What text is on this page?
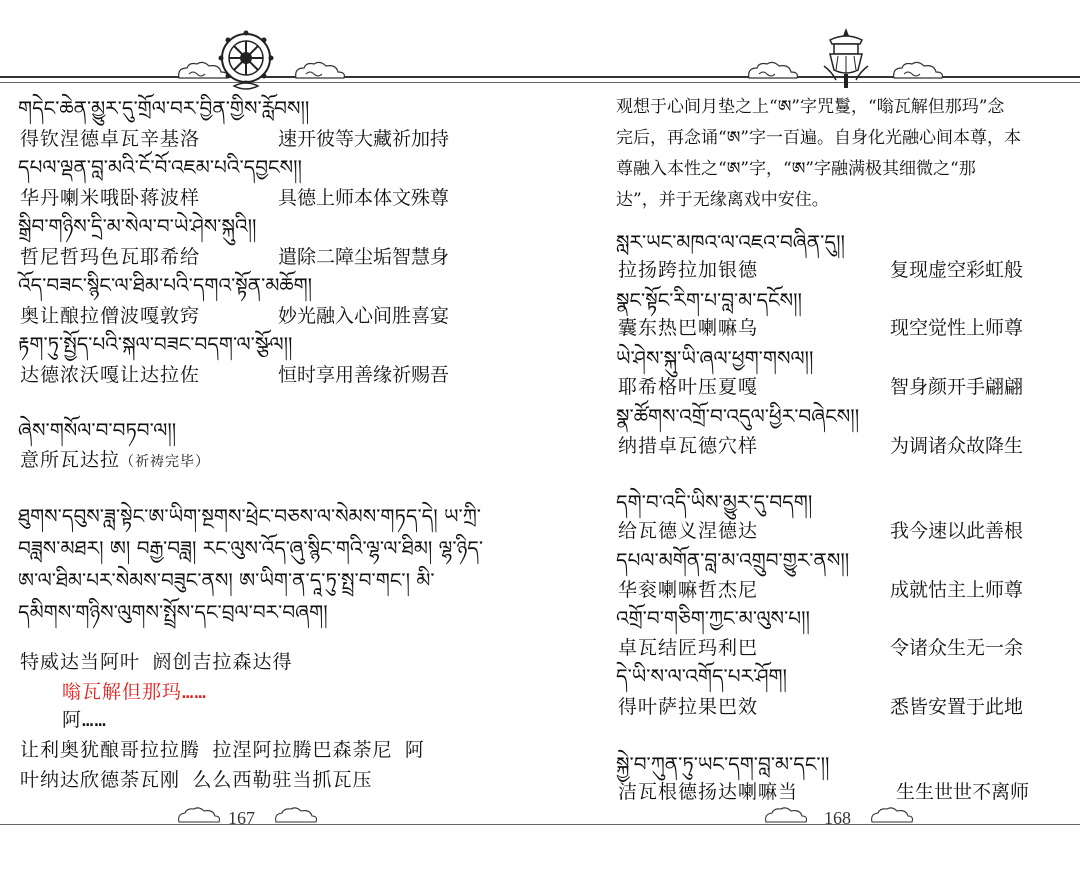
གདེང་ཆེན་མྱུར་དུ་གྲོལ་བར་བྱིན་གྱིས་རློབས།།
得钦涅德卓瓦辛基洛	速开彼等大藏祈加持
དཔལ་ལྡན་བླ་མའི་ངོ་བོ་འཇམ་པའི་དབྱངས།།
华丹喇米哦卧蒋波样	具德上师本体文殊尊
སྒྲིབ་གཉིས་དྲི་མ་སེལ་བ་ཡེ་ཤེས་སྐུའི།།
哲尼哲玛色瓦耶希给	遣除二障尘垢智慧身
འོད་བཟང་སྙིང་ལ་ཐིམ་པའི་དགའ་སྟོན་མཆོག།
奥让酿拉僧波嘎敦窍	妙光融入心间胜喜宴
རྟག་ཏུ་སྤྱོད་པའི་སྐལ་བཟང་བདག་ལ་སྩོལ།།
达德浓沃嘎让达拉佐	恒时享用善缘祈赐吾
ཞེས་གསོལ་བ་བཏབ་ལ།།
意所瓦达拉（祈祷完毕）
ཐུགས་དབུས་ཟླ་སྟེང་ཨ་ཡིག་སྔགས་ཕྲེང་བཅས་ལ་སེམས་གཏད་དེ། ཡ་ཀྲི་
བཟླས་མཐར། ཨ། བརྒྱ་བཟླ། རང་ལུས་འོད་ཞུ་སྙིང་གའི་ལྷ་ལ་ཐིམ། ལྷ་ཉིད་
ཨ་ལ་ཐིམ་པར་སེམས་བཟུང་ནས། ཨ་ཡིག་ན་དཱ་ཏུ་སྤྲ་བ་གང་། མི་
དམིགས་གཉིས་ལུགས་སྤྲོས་དང་བྲལ་བར་བཞག།
特威达当阿叶 阏创吉拉森达得
嗡瓦解但那玛……
阿……
让利奥犹酿哥拉拉腾 拉涅阿拉腾巴森荼尼 阿
叶纳达欣德荼瓦刚 么么西勒驻当抓瓦压
167
观想于心间月垫之上“ཨ”字咒鬘，“嗡瓦解但那玛”念
完后，再念诵“ཨ”字一百遍。自身化光融心间本尊，本
尊融入本性之“ཨ”字，“ཨ”字融满极其细微之“那
达”，并于无缘离戏中安住。
སླར་ཡང་མཁའ་ལ་འཇའ་བཞིན་དུ།།
拉扬跨拉加银德	复现虚空彩虹般
སྣང་སྟོང་རིག་པ་བླ་མ་དངོས།།
囊东热巴喇嘛乌	现空觉性上师尊
ཡེ་ཤེས་སྐུ་ཡི་ཞལ་ཕྱག་གསལ།།
耶希格叶压夏嘎	智身颜开手翩翩
སྣ་ཚོགས་འགྲོ་བ་འདུལ་ཕྱིར་བཞེངས།།
纳措卓瓦德穴样	为调诸众故降生
དགེ་བ་འདི་ཡིས་མྱུར་དུ་བདག།
给瓦德义涅德达	我今速以此善根
དཔལ་མགོན་བླ་མ་འགྲུབ་གྱུར་ནས།།
华衮喇嘛哲杰尼	成就怙主上师尊
འགྲོ་བ་གཅིག་ཀྱང་མ་ལུས་པ།།
卓瓦结匠玛利巴	令诸众生无一余
དེ་ཡི་ས་ལ་འགོད་པར་ཤོག།
得叶萨拉果巴效	悉皆安置于此地
སྐྱེ་བ་ཀུན་ཏུ་ཡང་དག་བླ་མ་དང་།།
洁瓦根德扬达喇嘛当	生生世世不离师
168
